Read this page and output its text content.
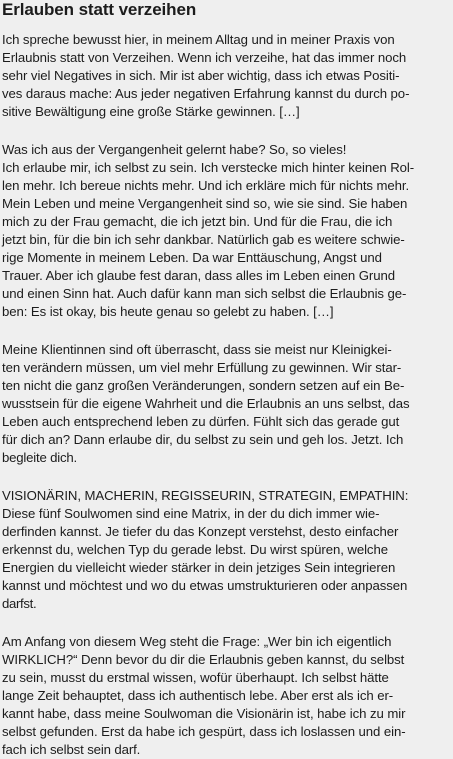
Erlauben statt verzeihen
Ich spreche bewusst hier, in meinem Alltag und in meiner Praxis von
Erlaubnis statt von Verzeihen. Wenn ich verzeihe, hat das immer noch
sehr viel Negatives in sich. Mir ist aber wichtig, dass ich etwas Positi-
ves daraus mache: Aus jeder negativen Erfahrung kannst du durch po-
sitive Bewältigung eine große Stärke gewinnen. […]
Was ich aus der Vergangenheit gelernt habe? So, so vieles!
Ich erlaube mir, ich selbst zu sein. Ich verstecke mich hinter keinen Rol-
len mehr. Ich bereue nichts mehr. Und ich erkläre mich für nichts mehr.
Mein Leben und meine Vergangenheit sind so, wie sie sind. Sie haben
mich zu der Frau gemacht, die ich jetzt bin. Und für die Frau, die ich
jetzt bin, für die bin ich sehr dankbar. Natürlich gab es weitere schwie-
rige Momente in meinem Leben. Da war Enttäuschung, Angst und
Trauer. Aber ich glaube fest daran, dass alles im Leben einen Grund
und einen Sinn hat. Auch dafür kann man sich selbst die Erlaubnis ge-
ben: Es ist okay, bis heute genau so gelebt zu haben. […]
Meine Klientinnen sind oft überrascht, dass sie meist nur Kleinigkei-
ten verändern müssen, um viel mehr Erfüllung zu gewinnen. Wir star-
ten nicht die ganz großen Veränderungen, sondern setzen auf ein Be-
wusstsein für die eigene Wahrheit und die Erlaubnis an uns selbst, das
Leben auch entsprechend leben zu dürfen. Fühlt sich das gerade gut
für dich an? Dann erlaube dir, du selbst zu sein und geh los. Jetzt. Ich
begleite dich.
VISIONÄRIN, MACHERIN, REGISSEURIN, STRATEGIN, EMPATHIN:
Diese fünf Soulwomen sind eine Matrix, in der du dich immer wie-
derfinden kannst. Je tiefer du das Konzept verstehst, desto einfacher
erkennst du, welchen Typ du gerade lebst. Du wirst spüren, welche
Energien du vielleicht wieder stärker in dein jetziges Sein integrieren
kannst und möchtest und wo du etwas umstrukturieren oder anpassen
darfst.
Am Anfang von diesem Weg steht die Frage: „Wer bin ich eigentlich
WIRKLICH?“ Denn bevor du dir die Erlaubnis geben kannst, du selbst
zu sein, musst du erstmal wissen, wofür überhaupt. Ich selbst hätte
lange Zeit behauptet, dass ich authentisch lebe. Aber erst als ich er-
kannt habe, dass meine Soulwoman die Visionärin ist, habe ich zu mir
selbst gefunden. Erst da habe ich gespürt, dass ich loslassen und ein-
fach ich selbst sein darf.
